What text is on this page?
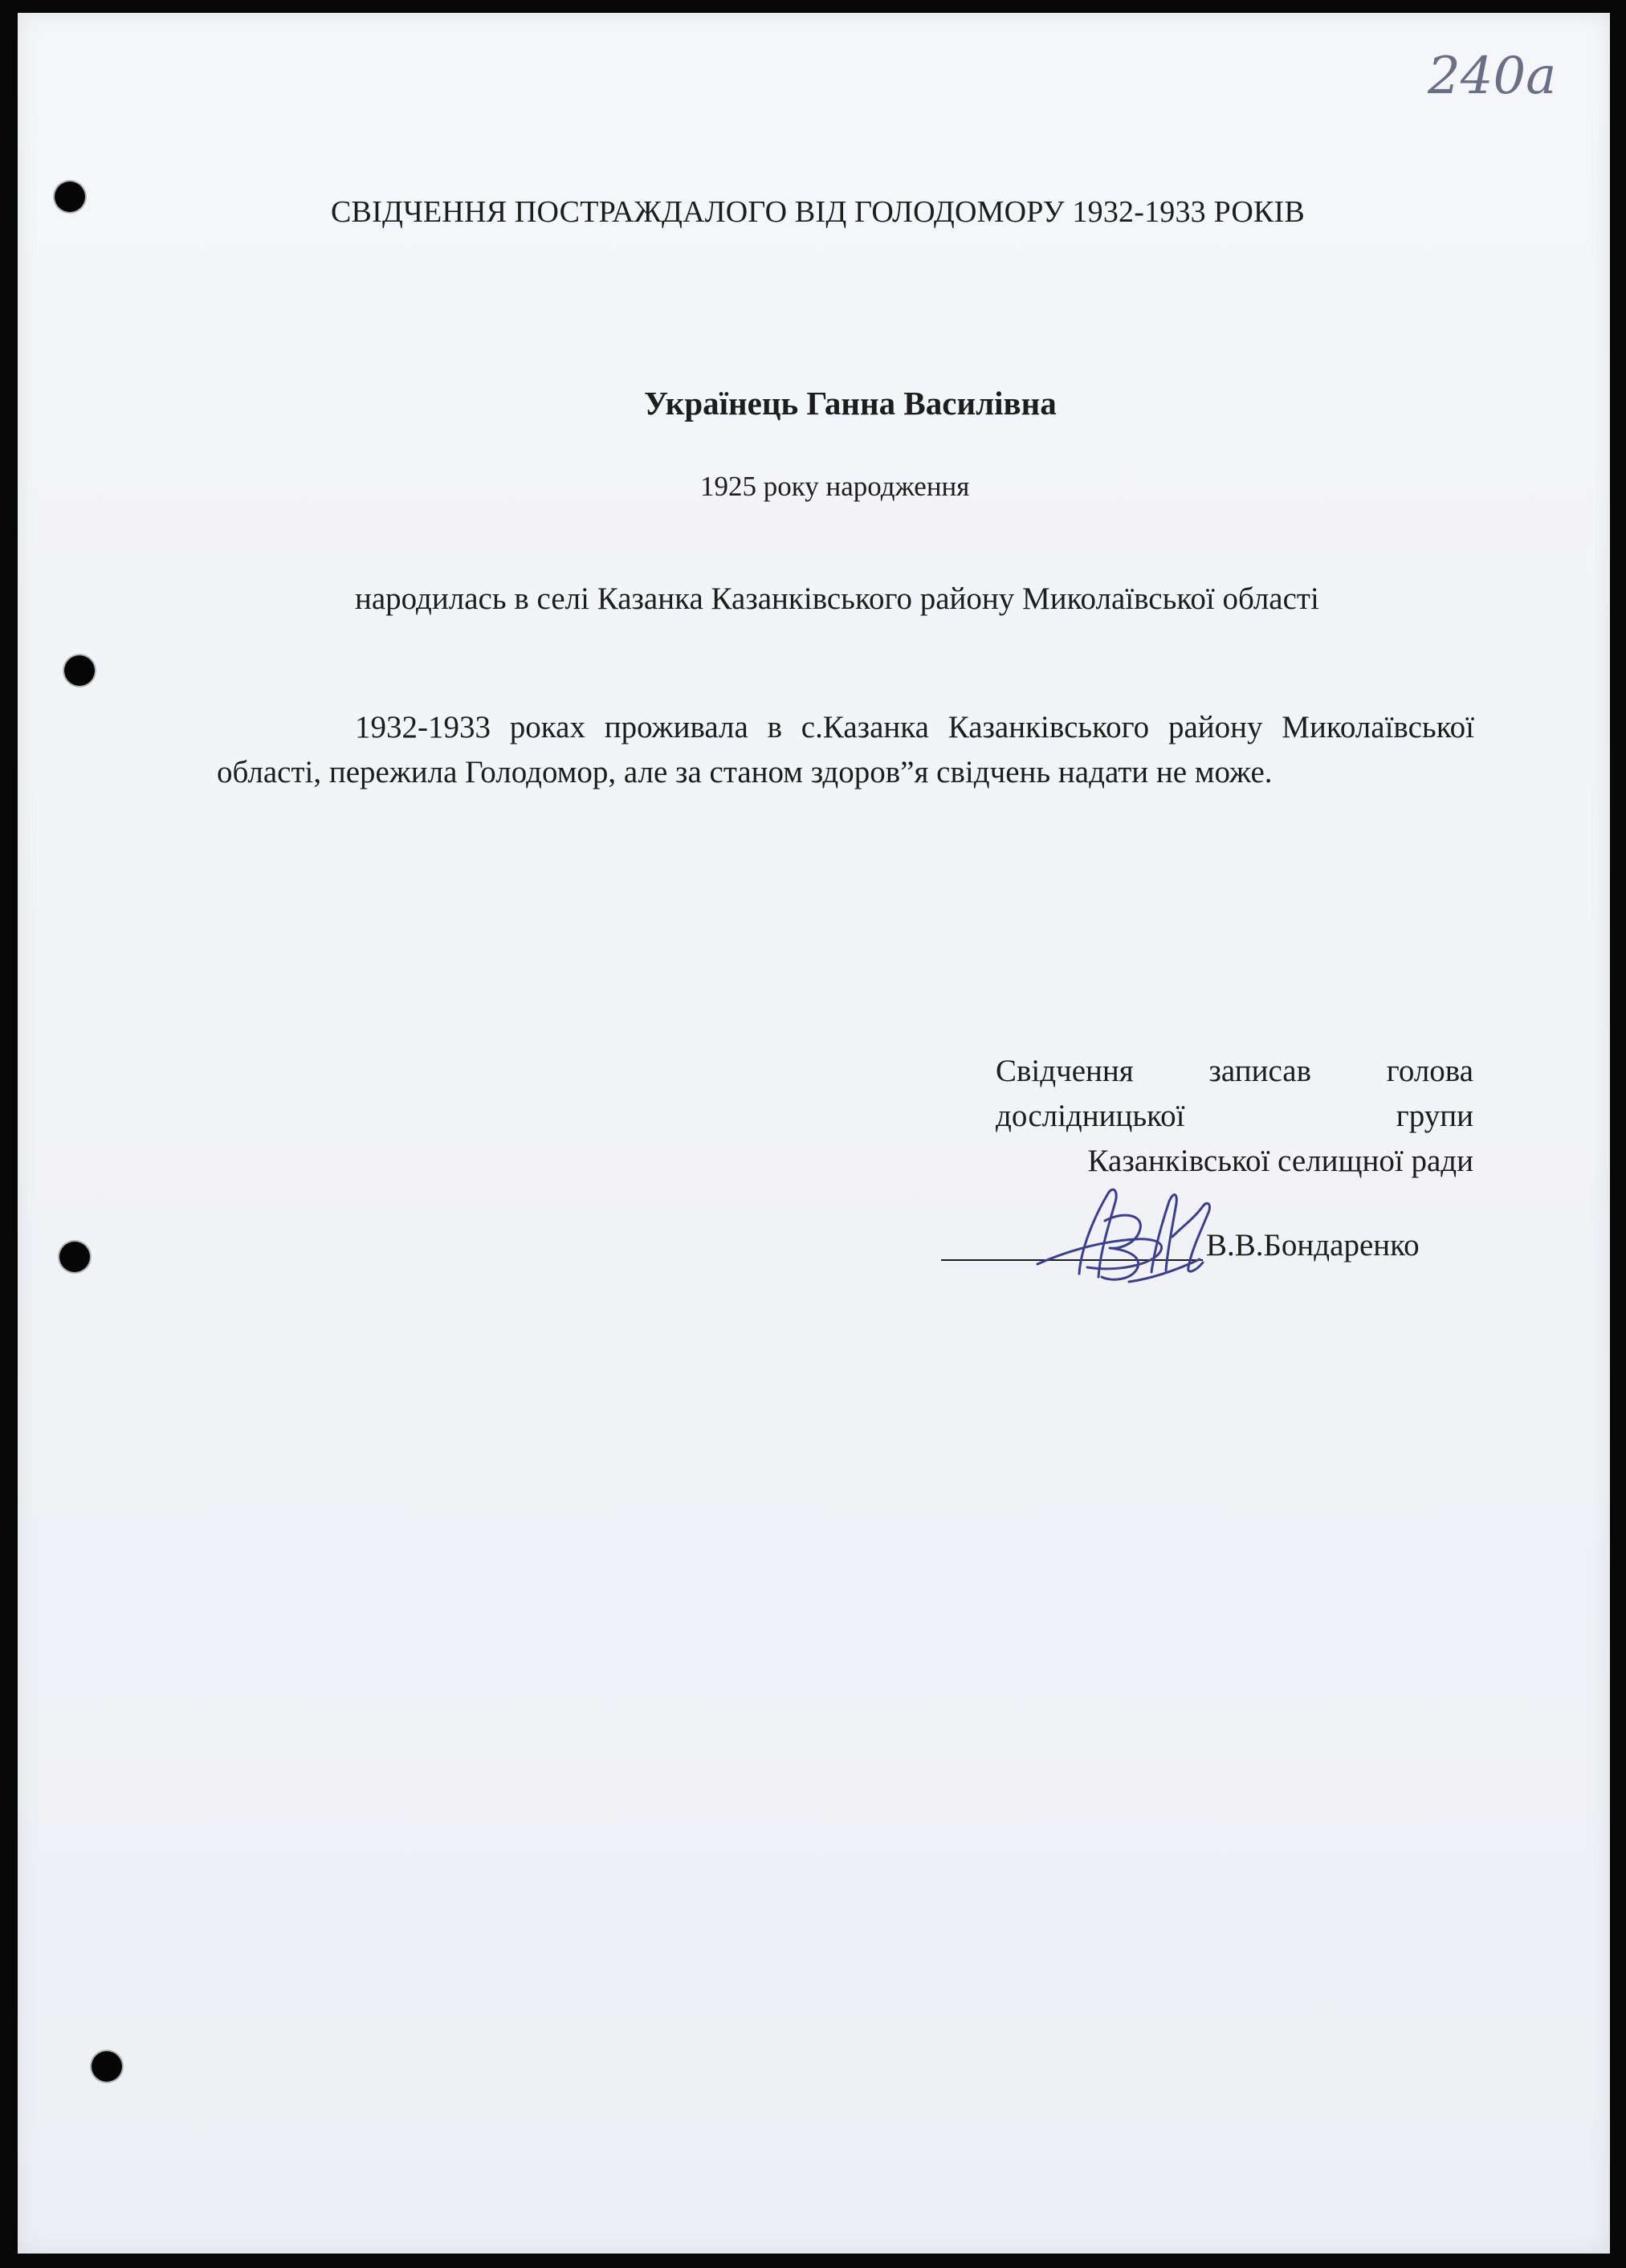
240a
СВІДЧЕННЯ ПОСТРАЖДАЛОГО ВІД ГОЛОДОМОРУ 1932-1933 РОКІВ
Українець Ганна Василівна
1925 року народження
народилась в селі Казанка Казанківського району Миколаївської області
1932-1933 роках проживала в с.Казанка Казанківського району Миколаївської області, пережила Голодомор, але за станом здоров”я свідчень надати не може.
Свідчення записав голова
дослідницької групи
Казанківської селищної ради
В.В.Бондаренко
